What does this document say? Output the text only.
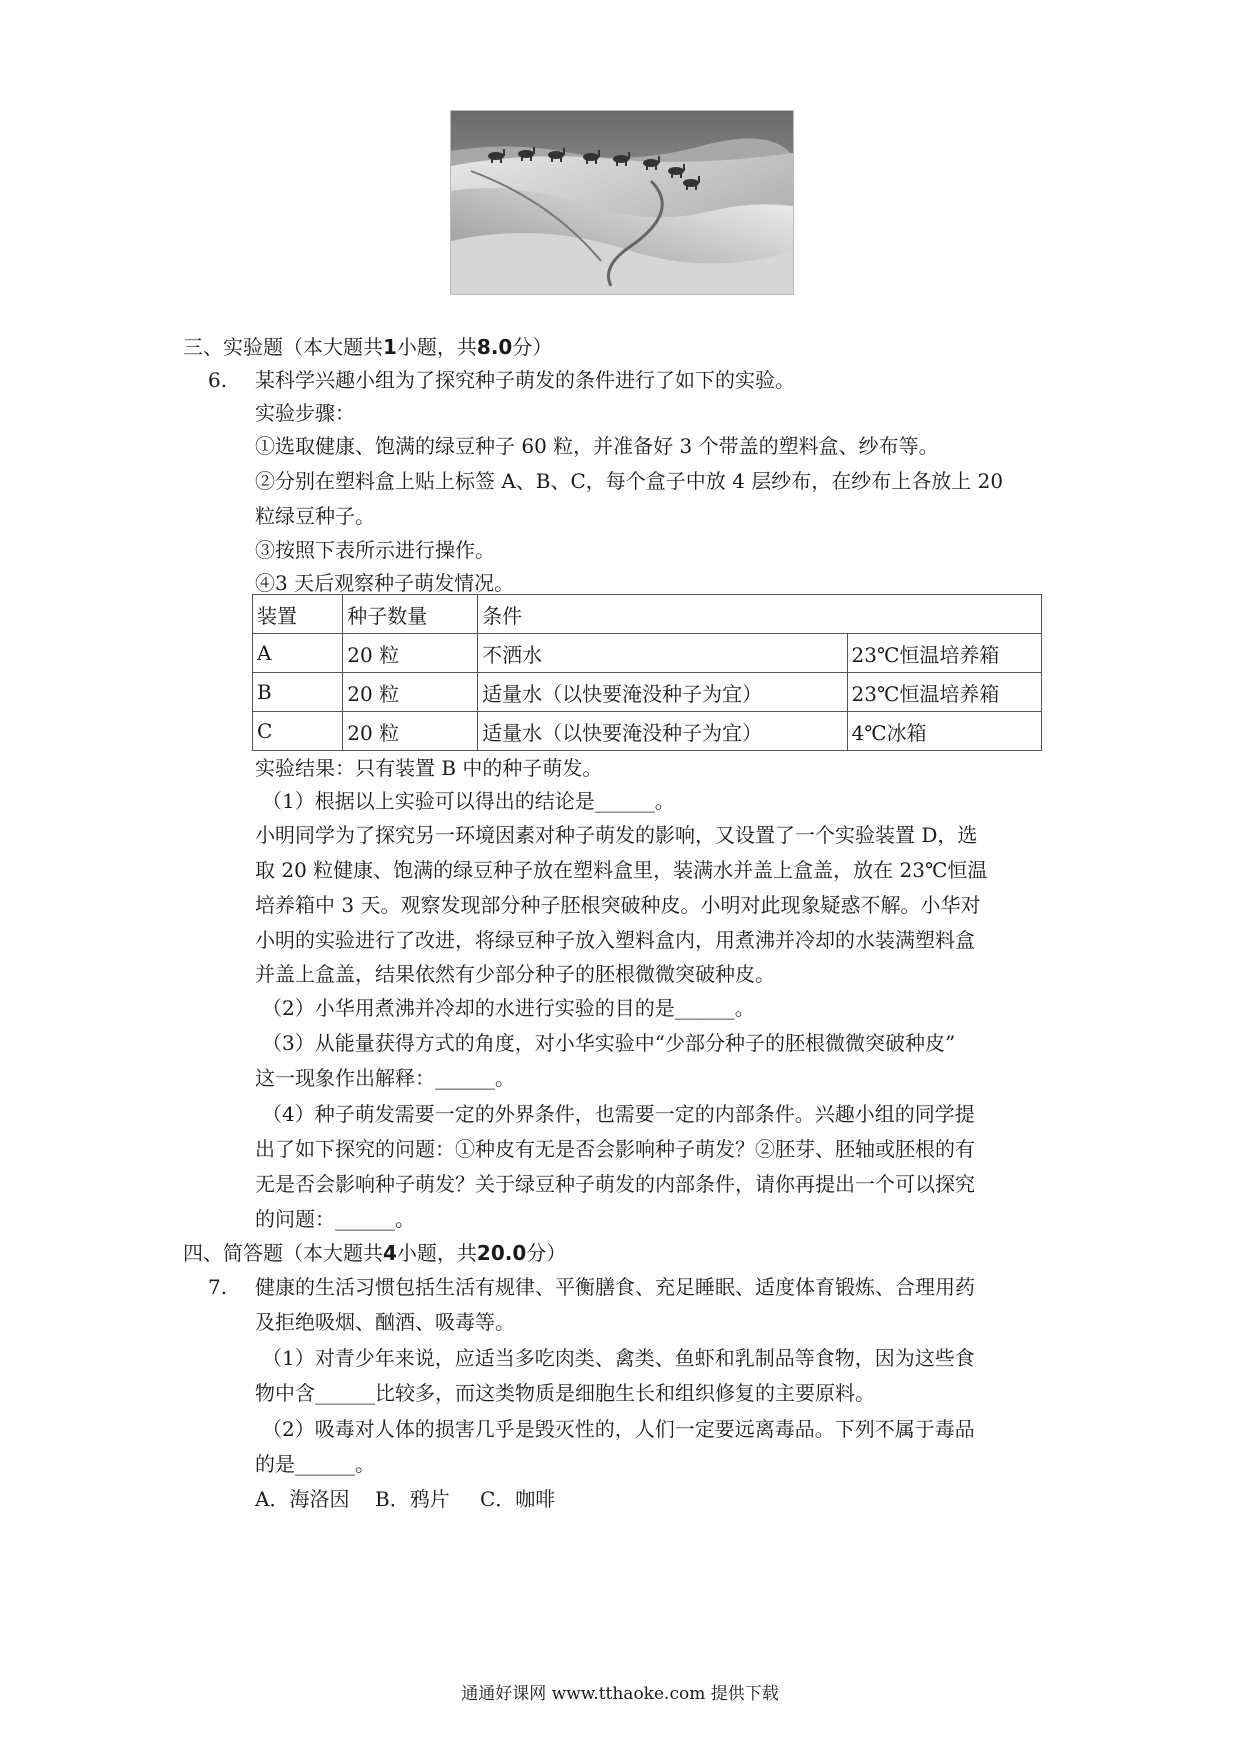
三、实验题（本大题共1小题，共8.0分）
6. 某科学兴趣小组为了探究种子萌发的条件进行了如下的实验。
实验步骤：
①选取健康、饱满的绿豆种子 60 粒，并准备好 3 个带盖的塑料盒、纱布等。
②分别在塑料盒上贴上标签 A、B、C，每个盒子中放 4 层纱布，在纱布上各放上 20
粒绿豆种子。
③按照下表所示进行操作。
④3 天后观察种子萌发情况。
装置	种子数量	条件	
A	20 粒	不洒水	23℃恒温培养箱
B	20 粒	适量水（以快要淹没种子为宜）	23℃恒温培养箱
C	20 粒	适量水（以快要淹没种子为宜）	4℃冰箱
实验结果：只有装置 B 中的种子萌发。
（1）根据以上实验可以得出的结论是______。
小明同学为了探究另一环境因素对种子萌发的影响，又设置了一个实验装置 D，选
取 20 粒健康、饱满的绿豆种子放在塑料盒里，装满水并盖上盒盖，放在 23℃恒温
培养箱中 3 天。观察发现部分种子胚根突破种皮。小明对此现象疑惑不解。小华对
小明的实验进行了改进，将绿豆种子放入塑料盒内，用煮沸并冷却的水装满塑料盒
并盖上盒盖，结果依然有少部分种子的胚根微微突破种皮。
（2）小华用煮沸并冷却的水进行实验的目的是______。
（3）从能量获得方式的角度，对小华实验中“少部分种子的胚根微微突破种皮”
这一现象作出解释：______。
（4）种子萌发需要一定的外界条件，也需要一定的内部条件。兴趣小组的同学提
出了如下探究的问题：①种皮有无是否会影响种子萌发？②胚芽、胚轴或胚根的有
无是否会影响种子萌发？关于绿豆种子萌发的内部条件，请你再提出一个可以探究
的问题：______。
四、简答题（本大题共4小题，共20.0分）
7. 健康的生活习惯包括生活有规律、平衡膳食、充足睡眠、适度体育锻炼、合理用药
及拒绝吸烟、酗酒、吸毒等。
（1）对青少年来说，应适当多吃肉类、禽类、鱼虾和乳制品等食物，因为这些食
物中含______比较多，而这类物质是细胞生长和组织修复的主要原料。
（2）吸毒对人体的损害几乎是毁灭性的，人们一定要远离毒品。下列不属于毒品
的是______。
A．海洛因 B．鸦片 C．咖啡
通通好课网 www.tthaoke.com 提供下载
